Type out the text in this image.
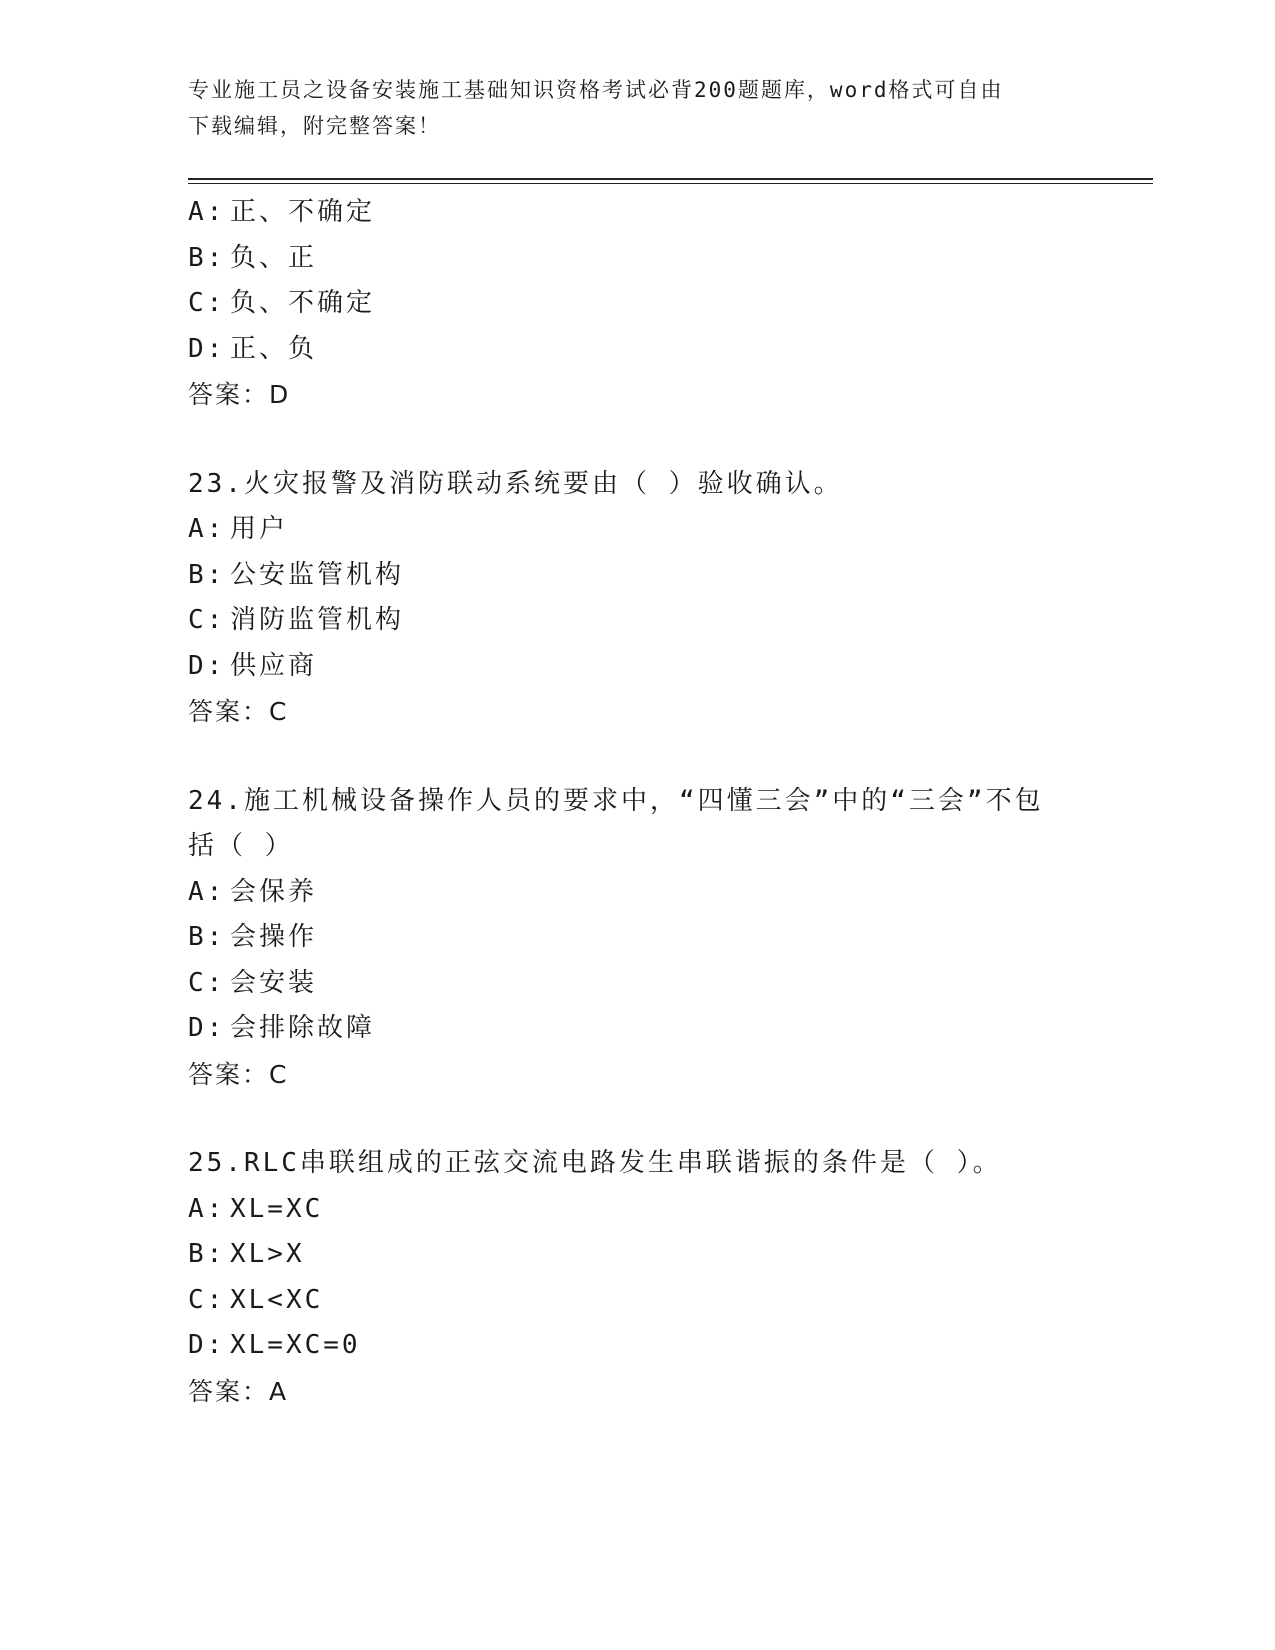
专业施工员之设备安装施工基础知识资格考试必背200题题库，word格式可自由
下载编辑，附完整答案！
A: 正、不确定
B: 负、正
C: 负、不确定
D: 正、负
答案：D
23.火灾报警及消防联动系统要由（ ）验收确认。
A: 用户
B: 公安监管机构
C: 消防监管机构
D: 供应商
答案：C
24.施工机械设备操作人员的要求中，“四懂三会”中的“三会”不包
括（ ）
A: 会保养
B: 会操作
C: 会安装
D: 会排除故障
答案：C
25.RLC串联组成的正弦交流电路发生串联谐振的条件是（ ）。
A: XL=XC
B: XL>X
C: XL<XC
D: XL=XC=0
答案：A
